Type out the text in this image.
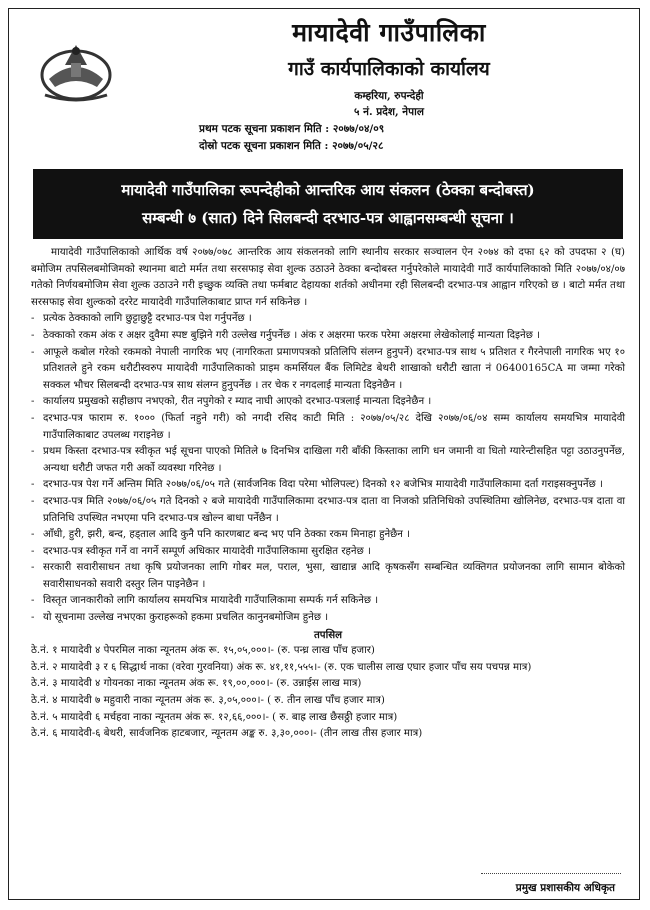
मायादेवी गाउँपालिका
गाउँ कार्यपालिकाको कार्यालय
कम्हरिया, रुपन्देही
५ नं. प्रदेश, नेपाल
प्रथम पटक सूचना प्रकाशन मिति : २०७७/०४/०९
दोस्रो पटक सूचना प्रकाशन मिति : २०७७/०५/२८
मायादेवी गाउँपालिका रूपन्देहीको आन्तरिक आय संकलन (ठेक्का बन्दोबस्त)
सम्बन्धी ७ (सात) दिने सिलबन्दी दरभाउ-पत्र आह्वानसम्बन्धी सूचना ।

मायादेवी गाउँपालिकाको आर्थिक वर्ष २०७७/०७८ आन्तरिक आय संकलनको लागि स्थानीय सरकार सञ्चालन ऐन २०७४ को दफा ६२ को उपदफा २ (घ) बमोजिम तपसिलबमोजिमको स्थानमा बाटो मर्मत तथा सरसफाइ सेवा शुल्क उठाउने ठेक्का बन्दोबस्त गर्नुपरेकोले मायादेवी गाउँ कार्यपालिकाको मिति २०७७/०४/०७ गतेको निर्णयबमोजिम सेवा शुल्क उठाउने गरी इच्छुक व्यक्ति तथा फर्मबाट देहायका शर्तको अधीनमा रही सिलबन्दी दरभाउ-पत्र आह्वान गरिएको छ । बाटो मर्मत तथा सरसफाइ सेवा शुल्कको दररेट मायादेवी गाउँपालिकाबाट प्राप्त गर्न सकिनेछ ।

- प्रत्येक ठेक्काको लागि छुट्टाछुट्टै दरभाउ-पत्र पेश गर्नुपर्नेछ ।
- ठेक्काको रकम अंक र अक्षर दुवैमा स्पष्ट बुझिने गरी उल्लेख गर्नुपर्नेछ । अंक र अक्षरमा फरक परेमा अक्षरमा लेखेकोलाई मान्यता दिइनेछ ।
- आफूले कबोल गरेको रकमको नेपाली नागरिक भए (नागरिकता प्रमाणपत्रको प्रतिलिपि संलग्न हुनुपर्ने) दरभाउ-पत्र साथ ५ प्रतिशत र गैरनेपाली नागरिक भए १० प्रतिशतले हुने रकम धरौटीस्वरुप मायादेवी गाउँपालिकाको प्राइम कमर्सियल बैंक लिमिटेड बेथरी शाखाको धरौटी खाता नं 06400165CA मा जम्मा गरेको सक्कल भौचर सिलबन्दी दरभाउ-पत्र साथ संलग्न हुनुपर्नेछ । तर चेक र नगदलाई मान्यता दिइनेछैन ।
- कार्यालय प्रमुखको सहीछाप नभएको, रीत नपुगेको र म्याद नाघी आएको दरभाउ-पत्रलाई मान्यता दिइनेछैन ।
- दरभाउ-पत्र फाराम रु. १००० (फिर्ता नहुने गरी) को नगदी रसिद काटी मिति : २०७७/०५/२८ देखि २०७७/०६/०४ सम्म कार्यालय समयभित्र मायादेवी गाउँपालिकाबाट उपलब्ध गराइनेछ ।
- प्रथम किस्ता दरभाउ-पत्र स्वीकृत भई सूचना पाएको मितिले ७ दिनभित्र दाखिला गरी बाँकी किस्ताका लागि धन जमानी वा धितो ग्यारेन्टीसहित पट्टा उठाउनुपर्नेछ, अन्यथा धरौटी जफत गरी अर्को व्यवस्था गरिनेछ ।
- दरभाउ-पत्र पेश गर्ने अन्तिम मिति २०७७/०६/०५ गते (सार्वजनिक विदा परेमा भोलिपल्ट) दिनको १२ बजेभित्र मायादेवी गाउँपालिकामा दर्ता गराइसक्नुपर्नेछ ।
- दरभाउ-पत्र मिति २०७७/०६/०५ गते दिनको २ बजे मायादेवी गाउँपालिकामा दरभाउ-पत्र दाता वा निजको प्रतिनिधिको उपस्थितिमा खोलिनेछ, दरभाउ-पत्र दाता वा प्रतिनिधि उपस्थित नभएमा पनि दरभाउ-पत्र खोल्न बाधा पर्नेछैन ।
- आँधी, हुरी, झरी, बन्द, हड्ताल आदि कुनै पनि कारणबाट बन्द भए पनि ठेक्का रकम मिनाहा हुनेछैन ।
- दरभाउ-पत्र स्वीकृत गर्ने वा नगर्ने सम्पूर्ण अधिकार मायादेवी गाउँपालिकामा सुरक्षित रहनेछ ।
- सरकारी सवारीसाधन तथा कृषि प्रयोजनका लागि गोबर मल, पराल, भुसा, खाद्यान्न आदि कृषकसँग सम्बन्धित व्यक्तिगत प्रयोजनका लागि सामान बोकेको सवारीसाधनको सवारी दस्तुर लिन पाइनेछैन ।
- विस्तृत जानकारीको लागि कार्यालय समयभित्र मायादेवी गाउँपालिकामा सम्पर्क गर्न सकिनेछ ।
- यो सूचनामा उल्लेख नभएका कुराहरूको हकमा प्रचलित कानुनबमोजिम हुनेछ ।

तपसिल

ठे.नं. १ मायादेवी ४ पेपरमिल नाका न्यूनतम अंक रू. १५,०५,०००।- (रु. पन्ध्र लाख पाँच हजार)
ठे.नं. २ मायादेवी ३ र ६ सिद्धार्थ नाका (वरेवा गुरवनिया) अंक रू. ४१,११,५५५।- (रु. एक चालीस लाख एघार हजार पाँच सय पचपन्न मात्र)
ठे.नं. ३ मायादेवी ४ गोयनका नाका न्यूनतम अंक रू. १९,००,०००।- (रु. उन्नाईस लाख मात्र)
ठे.नं. ४ मायादेवी ७ महुवारी नाका न्यूनतम अंक रू. ३,०५,०००।- ( रु. तीन लाख पाँच हजार मात्र)
ठे.नं. ५ मायादेवी ६ मर्चहवा नाका न्यूनतम अंक रू. १२,६६,०००।- ( रु. बाह्र लाख छैसठ्ठी हजार मात्र)
ठे.नं. ६ मायादेवी-६ बेथरी, सार्वजनिक हाटबजार, न्यूनतम अङ्क रु. ३,३०,०००।- (तीन लाख तीस हजार मात्र)
प्रमुख प्रशासकीय अधिकृत
